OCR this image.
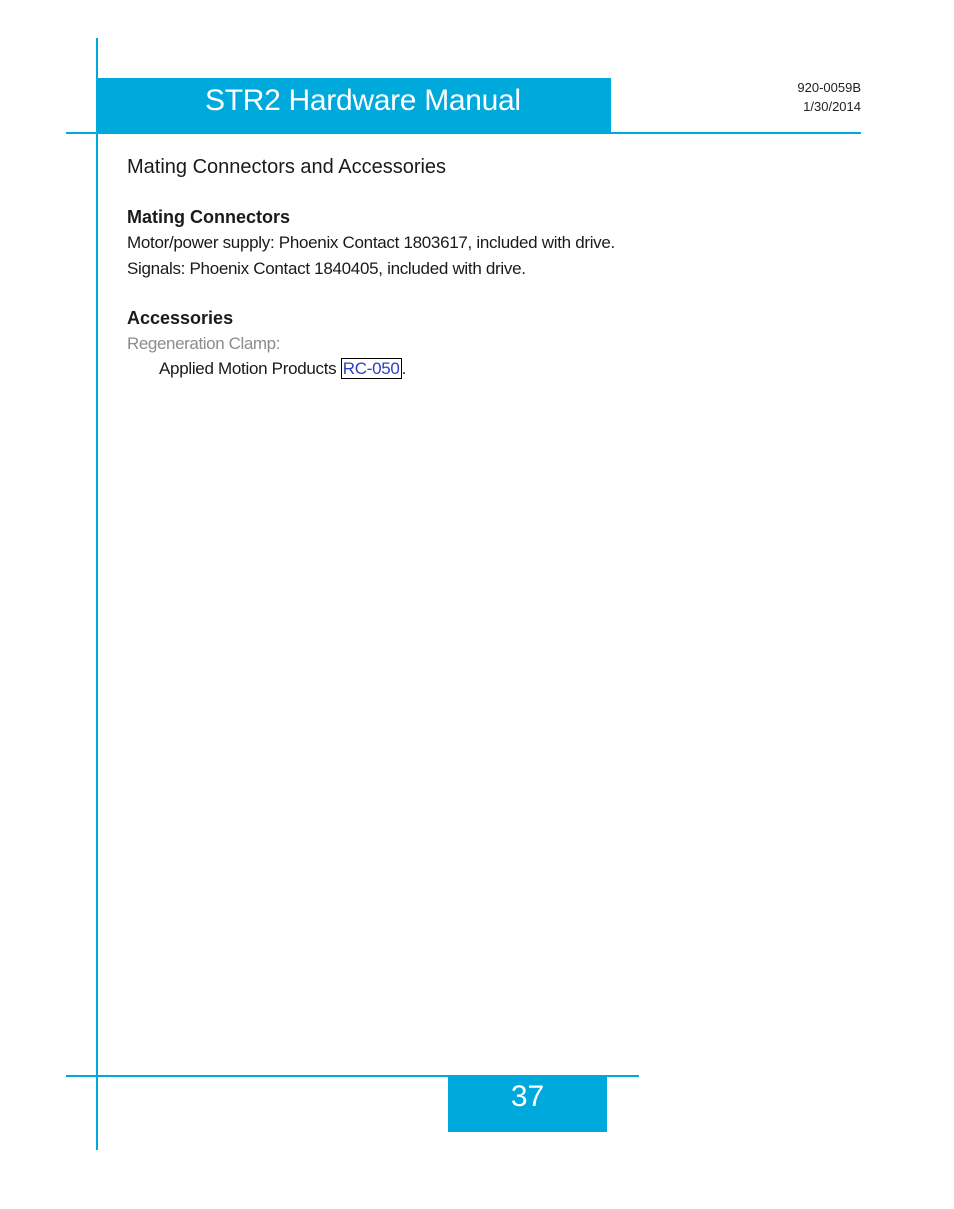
STR2 Hardware Manual	920-0059B
1/30/2014
Mating Connectors and Accessories
Mating Connectors

Motor/power supply: Phoenix Contact 1803617, included with drive.

Signals: Phoenix Contact 1840405, included with drive.

Accessories

Regeneration Clamp:

Applied Motion Products RC-050 .

37
